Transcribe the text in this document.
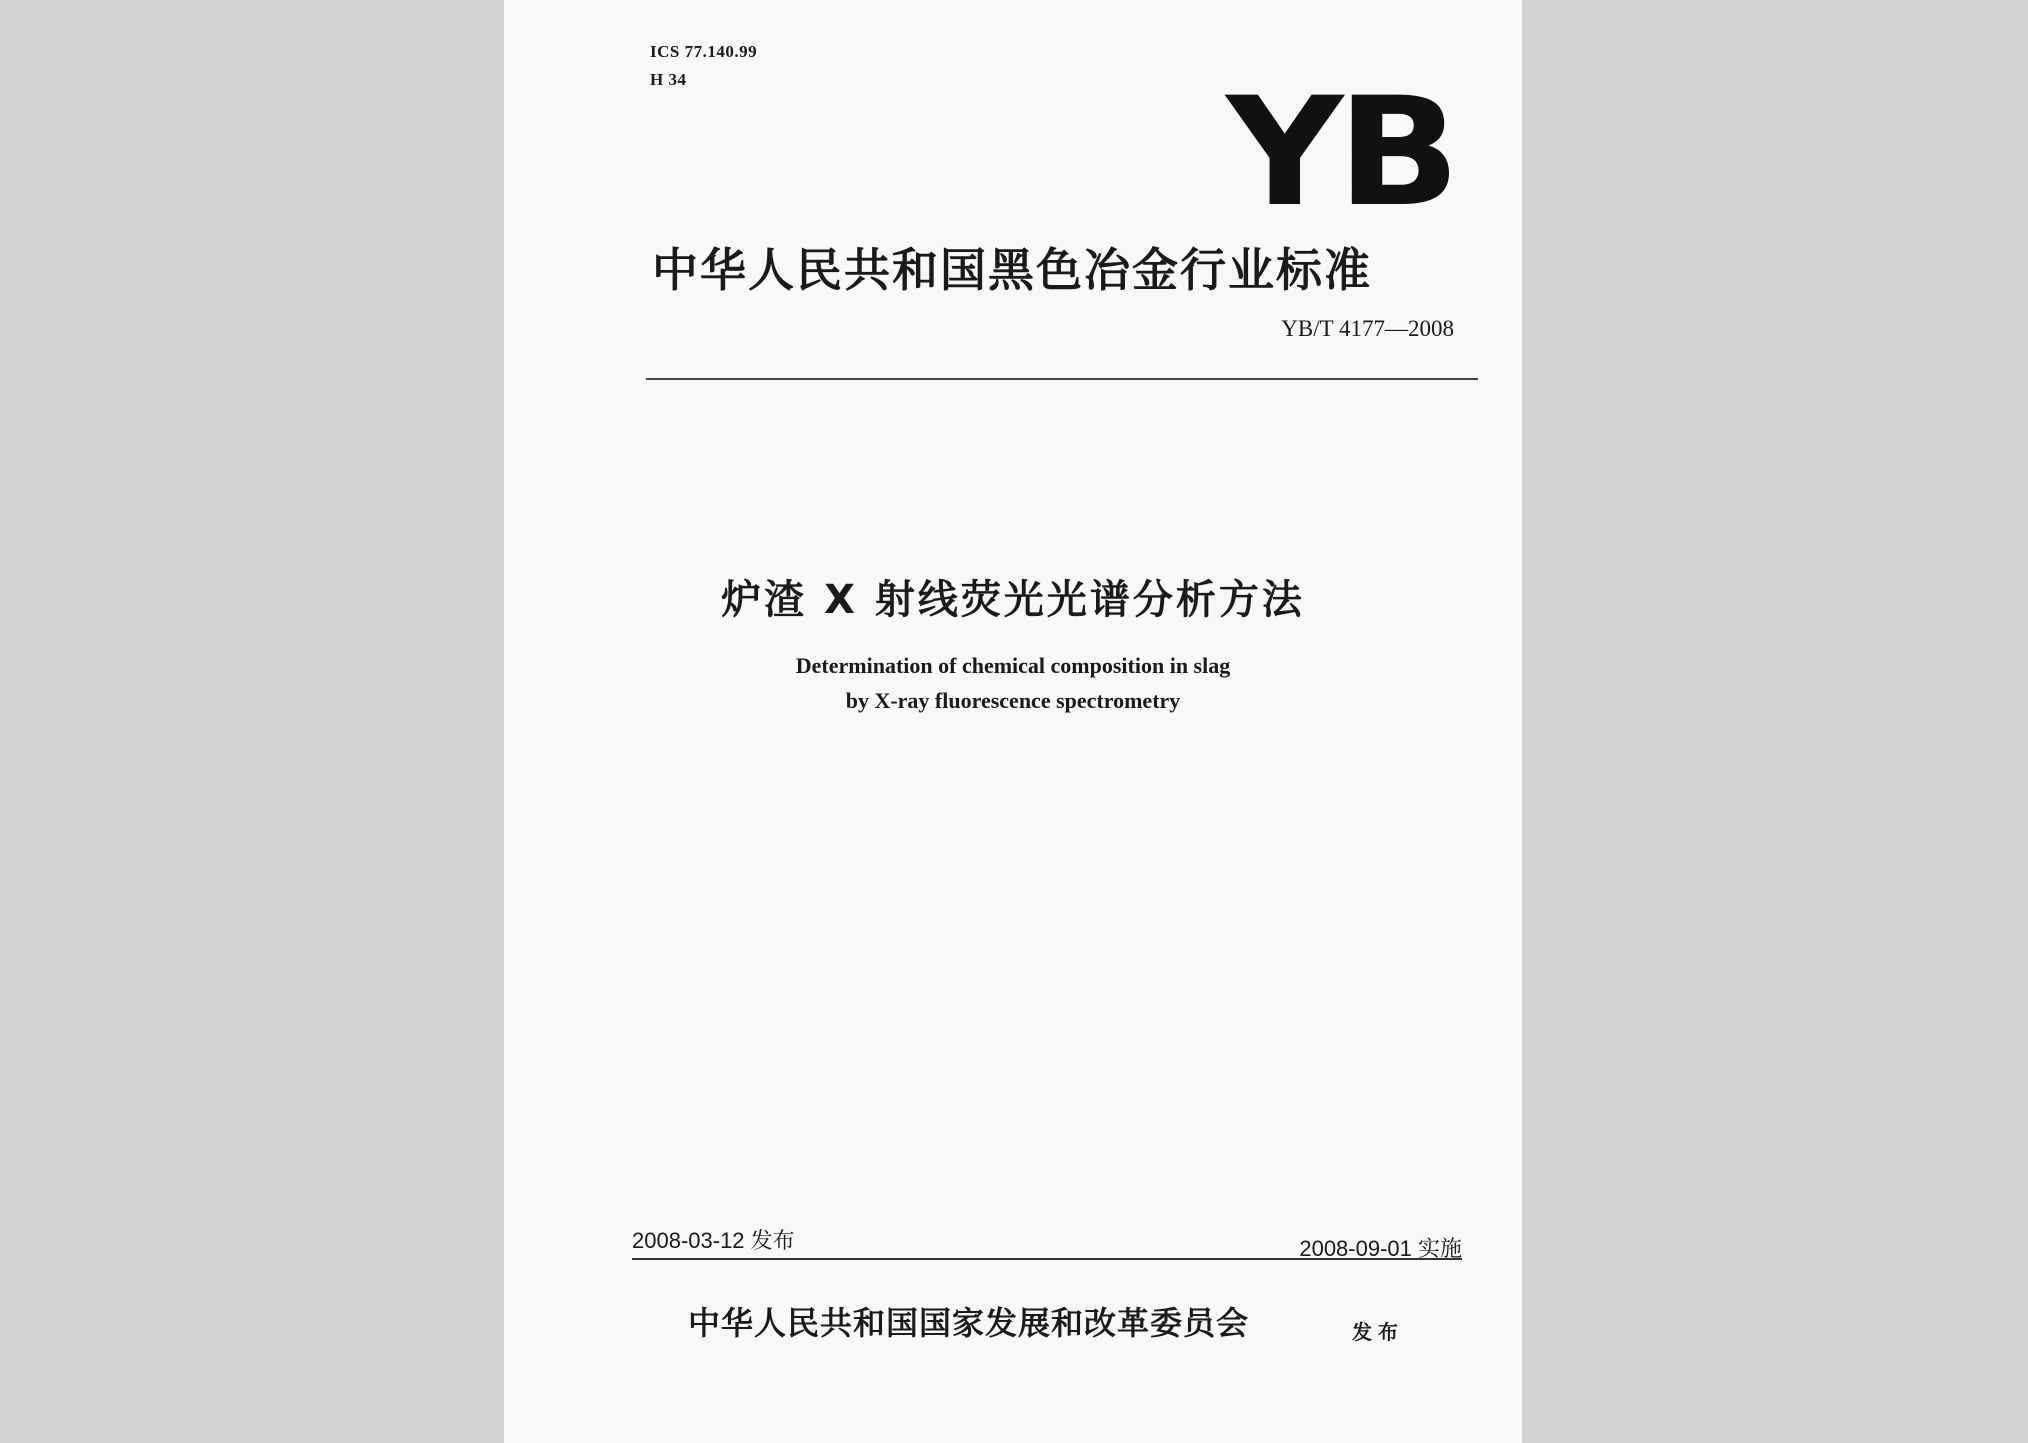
ICS 77.140.99
H 34	YB
中华人民共和国黑色冶金行业标准
YB/T 4177—2008
炉渣 X 射线荧光光谱分析方法
Determination of chemical composition in slag
by X-ray fluorescence spectrometry
2008-03-12 发布	2008-09-01 实施
中华人民共和国国家发展和改革委员会	发布
